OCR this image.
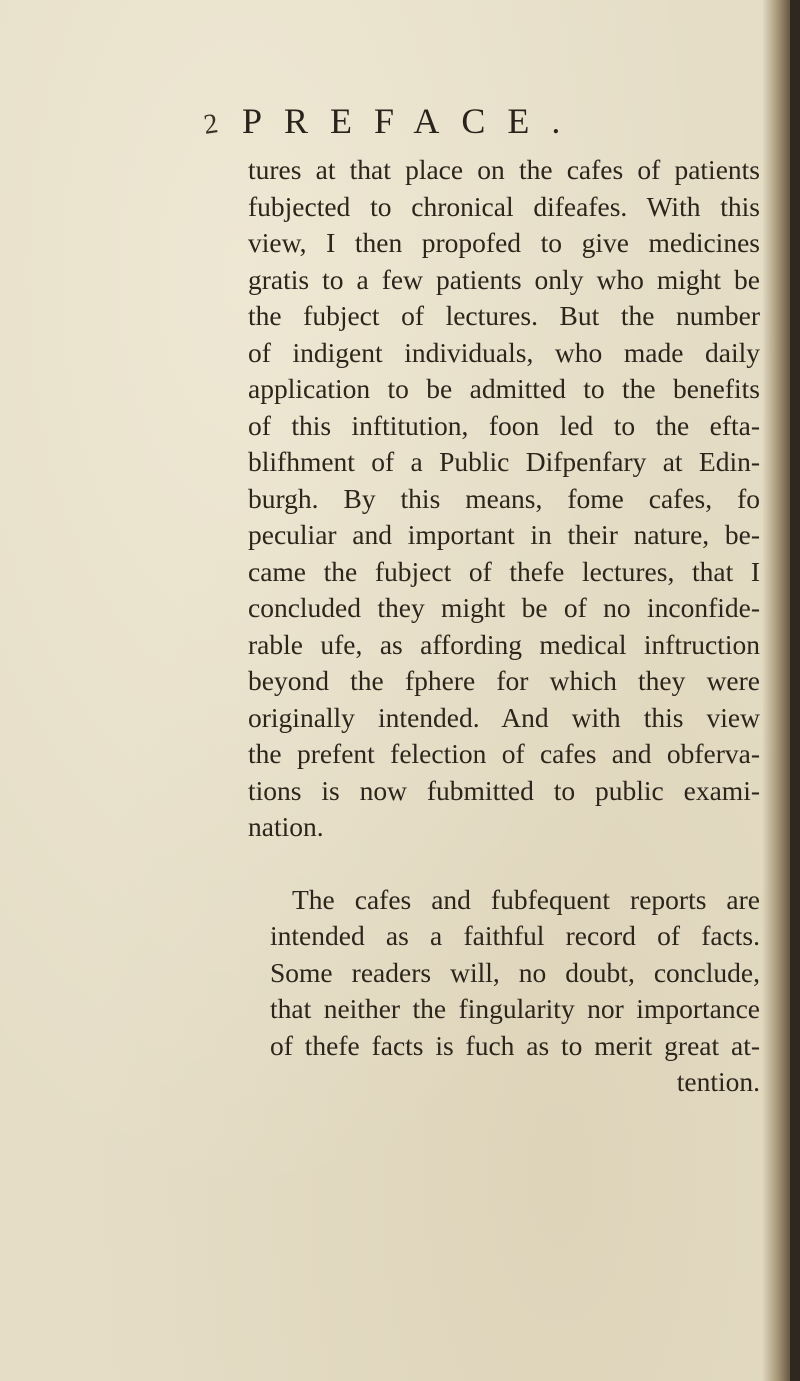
2 PREFACE.

tures at that place on the cafes of patients
fubjected to chronical difeafes. With this
view, I then propofed to give medicines
gratis to a few patients only who might be
the fubject of lectures. But the number
of indigent individuals, who made daily
application to be admitted to the benefits
of this inftitution, foon led to the efta-
blifhment of a Public Difpenfary at Edin-
burgh. By this means, fome cafes, fo
peculiar and important in their nature, be-
came the fubject of thefe lectures, that I
concluded they might be of no inconfide-
rable ufe, as affording medical inftruction
beyond the fphere for which they were
originally intended. And with this view
the prefent felection of cafes and obferva-
tions is now fubmitted to public exami-
nation.

The cafes and fubfequent reports are
intended as a faithful record of facts.
Some readers will, no doubt, conclude,
that neither the fingularity nor importance
of thefe facts is fuch as to merit great at-
tention.
